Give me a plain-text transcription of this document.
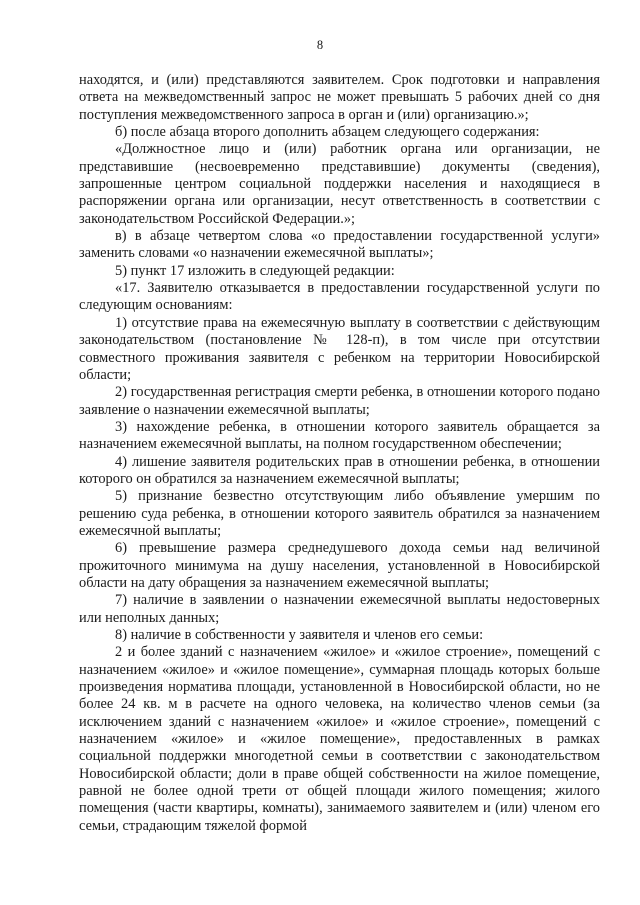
8

находятся, и (или) представляются заявителем. Срок подготовки и направления ответа на межведомственный запрос не может превышать 5 рабочих дней со дня поступления межведомственного запроса в орган и (или) организацию.»;

б) после абзаца второго дополнить абзацем следующего содержания:

«Должностное лицо и (или) работник органа или организации, не представившие (несвоевременно представившие) документы (сведения), запрошенные центром социальной поддержки населения и находящиеся в распоряжении органа или организации, несут ответственность в соответствии с законодательством Российской Федерации.»;

в) в абзаце четвертом слова «о предоставлении государственной услуги» заменить словами «о назначении ежемесячной выплаты»;

5) пункт 17 изложить в следующей редакции:

«17. Заявителю отказывается в предоставлении государственной услуги по следующим основаниям:

1) отсутствие права на ежемесячную выплату в соответствии с действующим законодательством (постановление № 128-п), в том числе при отсутствии совместного проживания заявителя с ребенком на территории Новосибирской области;

2) государственная регистрация смерти ребенка, в отношении которого подано заявление о назначении ежемесячной выплаты;

3) нахождение ребенка, в отношении которого заявитель обращается за назначением ежемесячной выплаты, на полном государственном обеспечении;

4) лишение заявителя родительских прав в отношении ребенка, в отношении которого он обратился за назначением ежемесячной выплаты;

5) признание безвестно отсутствующим либо объявление умершим по решению суда ребенка, в отношении которого заявитель обратился за назначением ежемесячной выплаты;

6) превышение размера среднедушевого дохода семьи над величиной прожиточного минимума на душу населения, установленной в Новосибирской области на дату обращения за назначением ежемесячной выплаты;

7) наличие в заявлении о назначении ежемесячной выплаты недостоверных или неполных данных;

8) наличие в собственности у заявителя и членов его семьи:

2 и более зданий с назначением «жилое» и «жилое строение», помещений с назначением «жилое» и «жилое помещение», суммарная площадь которых больше произведения норматива площади, установленной в Новосибирской области, но не более 24 кв. м в расчете на одного человека, на количество членов семьи (за исключением зданий с назначением «жилое» и «жилое строение», помещений с назначением «жилое» и «жилое помещение», предоставленных в рамках социальной поддержки многодетной семьи в соответствии с законодательством Новосибирской области; доли в праве общей собственности на жилое помещение, равной не более одной трети от общей площади жилого помещения; жилого помещения (части квартиры, комнаты), занимаемого заявителем и (или) членом его семьи, страдающим тяжелой формой
